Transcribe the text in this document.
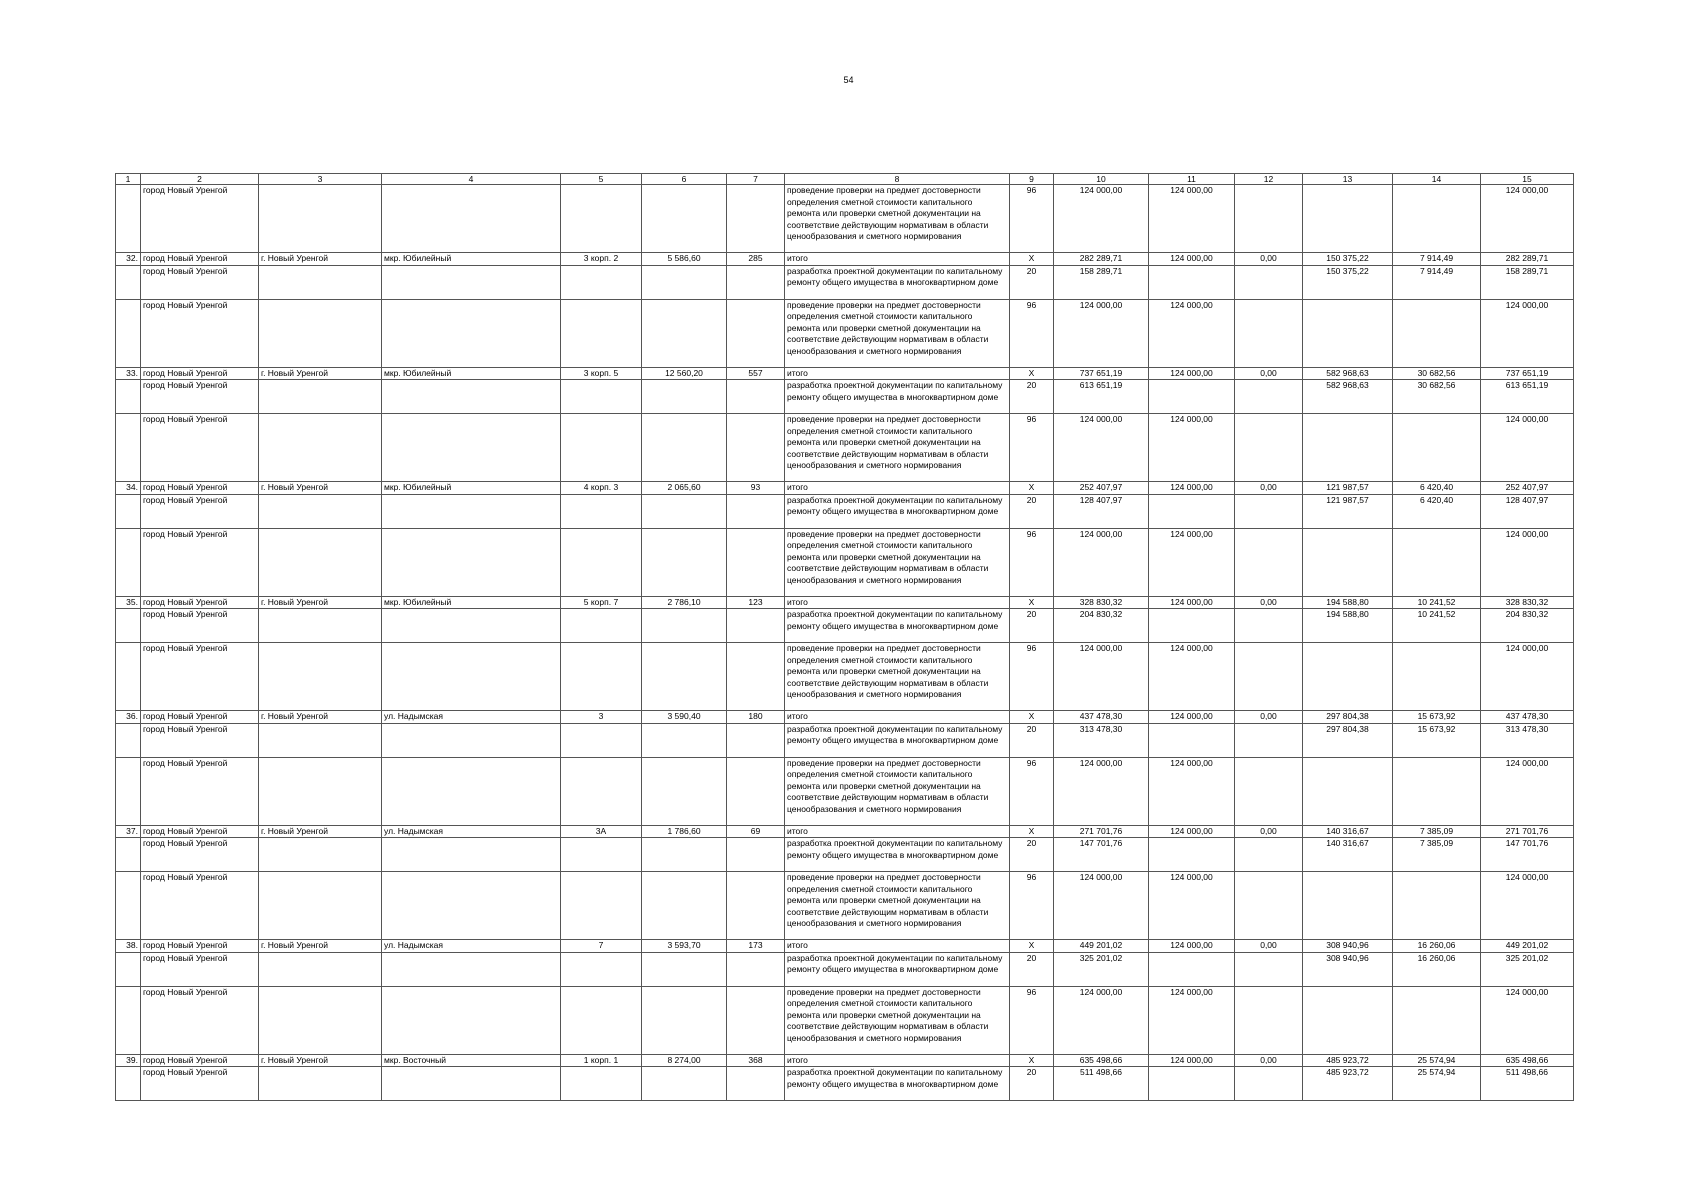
54
1	2	3	4	5	6	7	8	9	10	11	12	13	14	15
	город Новый Уренгой						проведение проверки на предмет достоверности определения сметной стоимости капитального ремонта или проверки сметной документации на соответствие действующим нормативам в области ценообразования и сметного нормирования	96	124 000,00	124 000,00				124 000,00
32.	город Новый Уренгой	г. Новый Уренгой	мкр. Юбилейный	3 корп. 2	5 586,60	285	итого	X	282 289,71	124 000,00	0,00	150 375,22	7 914,49	282 289,71
	город Новый Уренгой						разработка проектной документации по капитальному ремонту общего имущества в многоквартирном доме	20	158 289,71			150 375,22	7 914,49	158 289,71
	город Новый Уренгой						проведение проверки на предмет достоверности определения сметной стоимости капитального ремонта или проверки сметной документации на соответствие действующим нормативам в области ценообразования и сметного нормирования	96	124 000,00	124 000,00				124 000,00
33.	город Новый Уренгой	г. Новый Уренгой	мкр. Юбилейный	3 корп. 5	12 560,20	557	итого	X	737 651,19	124 000,00	0,00	582 968,63	30 682,56	737 651,19
	город Новый Уренгой						разработка проектной документации по капитальному ремонту общего имущества в многоквартирном доме	20	613 651,19			582 968,63	30 682,56	613 651,19
	город Новый Уренгой						проведение проверки на предмет достоверности определения сметной стоимости капитального ремонта или проверки сметной документации на соответствие действующим нормативам в области ценообразования и сметного нормирования	96	124 000,00	124 000,00				124 000,00
34.	город Новый Уренгой	г. Новый Уренгой	мкр. Юбилейный	4 корп. 3	2 065,60	93	итого	X	252 407,97	124 000,00	0,00	121 987,57	6 420,40	252 407,97
	город Новый Уренгой						разработка проектной документации по капитальному ремонту общего имущества в многоквартирном доме	20	128 407,97			121 987,57	6 420,40	128 407,97
	город Новый Уренгой						проведение проверки на предмет достоверности определения сметной стоимости капитального ремонта или проверки сметной документации на соответствие действующим нормативам в области ценообразования и сметного нормирования	96	124 000,00	124 000,00				124 000,00
35.	город Новый Уренгой	г. Новый Уренгой	мкр. Юбилейный	5 корп. 7	2 786,10	123	итого	X	328 830,32	124 000,00	0,00	194 588,80	10 241,52	328 830,32
	город Новый Уренгой						разработка проектной документации по капитальному ремонту общего имущества в многоквартирном доме	20	204 830,32			194 588,80	10 241,52	204 830,32
	город Новый Уренгой						проведение проверки на предмет достоверности определения сметной стоимости капитального ремонта или проверки сметной документации на соответствие действующим нормативам в области ценообразования и сметного нормирования	96	124 000,00	124 000,00				124 000,00
36.	город Новый Уренгой	г. Новый Уренгой	ул. Надымская	3	3 590,40	180	итого	X	437 478,30	124 000,00	0,00	297 804,38	15 673,92	437 478,30
	город Новый Уренгой						разработка проектной документации по капитальному ремонту общего имущества в многоквартирном доме	20	313 478,30			297 804,38	15 673,92	313 478,30
	город Новый Уренгой						проведение проверки на предмет достоверности определения сметной стоимости капитального ремонта или проверки сметной документации на соответствие действующим нормативам в области ценообразования и сметного нормирования	96	124 000,00	124 000,00				124 000,00
37.	город Новый Уренгой	г. Новый Уренгой	ул. Надымская	3А	1 786,60	69	итого	X	271 701,76	124 000,00	0,00	140 316,67	7 385,09	271 701,76
	город Новый Уренгой						разработка проектной документации по капитальному ремонту общего имущества в многоквартирном доме	20	147 701,76			140 316,67	7 385,09	147 701,76
	город Новый Уренгой						проведение проверки на предмет достоверности определения сметной стоимости капитального ремонта или проверки сметной документации на соответствие действующим нормативам в области ценообразования и сметного нормирования	96	124 000,00	124 000,00				124 000,00
38.	город Новый Уренгой	г. Новый Уренгой	ул. Надымская	7	3 593,70	173	итого	X	449 201,02	124 000,00	0,00	308 940,96	16 260,06	449 201,02
	город Новый Уренгой						разработка проектной документации по капитальному ремонту общего имущества в многоквартирном доме	20	325 201,02			308 940,96	16 260,06	325 201,02
	город Новый Уренгой						проведение проверки на предмет достоверности определения сметной стоимости капитального ремонта или проверки сметной документации на соответствие действующим нормативам в области ценообразования и сметного нормирования	96	124 000,00	124 000,00				124 000,00
39.	город Новый Уренгой	г. Новый Уренгой	мкр. Восточный	1 корп. 1	8 274,00	368	итого	X	635 498,66	124 000,00	0,00	485 923,72	25 574,94	635 498,66
	город Новый Уренгой						разработка проектной документации по капитальному ремонту общего имущества в многоквартирном доме	20	511 498,66			485 923,72	25 574,94	511 498,66
